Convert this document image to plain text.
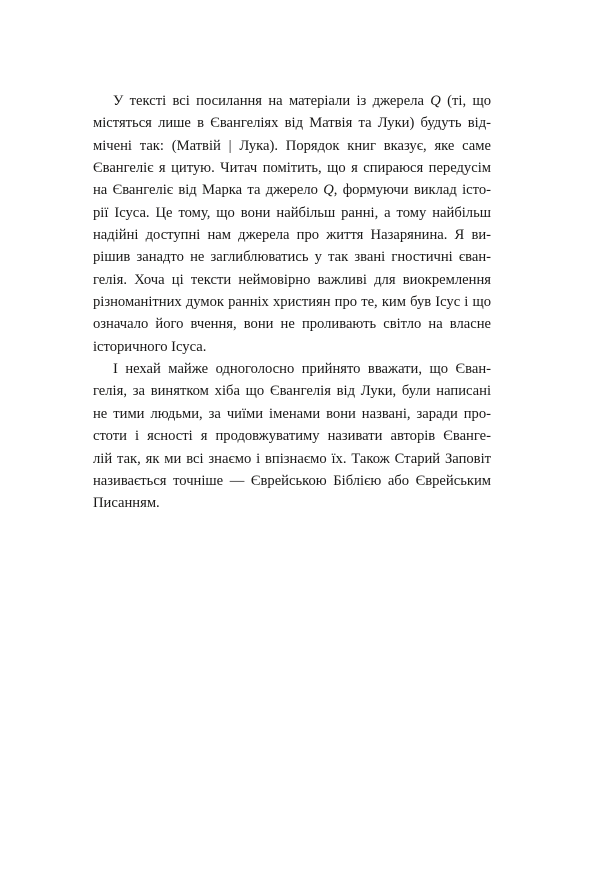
У тексті всі посилання на матеріали із джерела Q (ті, що
містяться лише в Євангеліях від Матвія та Луки) будуть від-
мічені так: (Матвій | Лука). Порядок книг вказує, яке саме
Євангеліє я цитую. Читач помітить, що я спираюся передусім
на Євангеліє від Марка та джерело Q, формуючи виклад істо-
рії Ісуса. Це тому, що вони найбільш ранні, а тому найбільш
надійні доступні нам джерела про життя Назарянина. Я ви-
рішив занадто не заглиблюватись у так звані гностичні єван-
гелія. Хоча ці тексти неймовірно важливі для виокремлення
різноманітних думок ранніх християн про те, ким був Ісус і що
означало його вчення, вони не проливають світло на власне
історичного Ісуса.
І нехай майже одноголосно прийнято вважати, що Єван-
гелія, за винятком хіба що Євангелія від Луки, були написані
не тими людьми, за чиїми іменами вони названі, заради про-
стоти і ясності я продовжуватиму називати авторів Єванге-
лій так, як ми всі знаємо і впізнаємо їх. Також Старий Заповіт
називається точніше — Єврейською Біблією або Єврейським
Писанням.
